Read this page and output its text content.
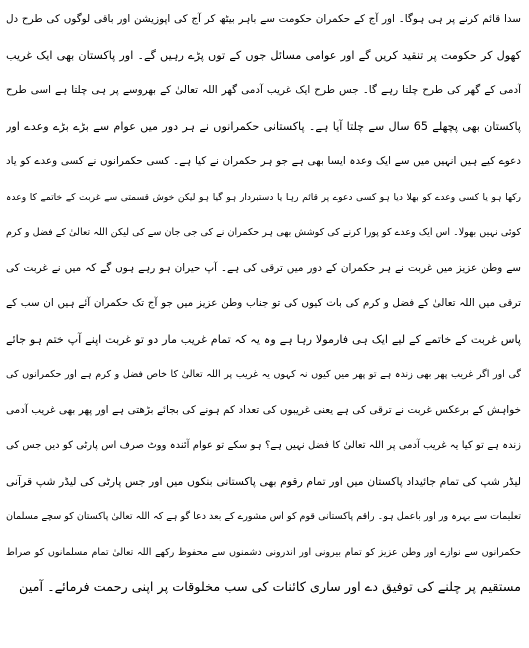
سدا قائم کرنے پر ہی ہوگا۔ اور آج کے حکمران حکومت سے باہر بیٹھ کر آج کی اپوزیشن اور باقی لوگوں کی طرح دل
کھول کر حکومت پر تنقید کریں گے اور عوامی مسائل جوں کے توں پڑے رہیں گے۔ اور پاکستان بھی ایک غریب
آدمی کے گھر کی طرح چلتا رہے گا۔ جس طرح ایک غریب آدمی گھر اللہ تعالیٰ کے بھروسے پر ہی چلتا ہے اسی طرح
پاکستان بھی پچھلے 65 سال سے چلتا آیا ہے۔ پاکستانی حکمرانوں نے ہر دور میں عوام سے بڑے بڑے وعدے اور
دعوے کیے ہیں انہیں میں سے ایک وعدہ ایسا بھی ہے جو ہر حکمران نے کیا ہے۔ کسی حکمرانوں نے کسی وعدے کو یاد
رکھا ہو یا کسی وعدے کو بھلا دیا ہو کسی دعوے پر قائم رہا یا دستبردار ہو گیا ہو لیکن خوش قسمتی سے غربت کے خاتمے کا وعدہ
کوئی نہیں بھولا۔ اس ایک وعدے کو پورا کرنے کی کوشش بھی ہر حکمران نے کی جی جان سے کی لیکن اللہ تعالیٰ کے فضل و کرم
سے وطن عزیز میں غربت نے ہر حکمران کے دور میں ترقی کی ہے۔ آپ حیران ہو رہے ہوں گے کہ میں نے غربت کی
ترقی میں اللہ تعالیٰ کے فضل و کرم کی بات کیوں کی تو جناب وطن عزیز میں جو آج تک حکمران آئے ہیں ان سب کے
پاس غربت کے خاتمے کے لیے ایک ہی فارمولا رہا ہے وہ یہ کہ تمام غریب مار دو تو غربت اپنے آپ ختم ہو جائے
گی اور اگر غریب پھر بھی زندہ ہے تو پھر میں کیوں نہ کہوں یہ غریب پر اللہ تعالیٰ کا خاص فضل و کرم ہے اور حکمرانوں کی
خواہش کے برعکس غربت نے ترقی کی ہے یعنی غریبوں کی تعداد کم ہونے کی بجائے بڑھتی ہے اور پھر بھی غریب آدمی
زندہ ہے تو کیا یہ غریب آدمی پر اللہ تعالیٰ کا فضل نہیں ہے؟ ہو سکے تو عوام آئندہ ووٹ صرف اس پارٹی کو دیں جس کی
لیڈر شپ کی تمام جائیداد پاکستان میں اور تمام رقوم بھی پاکستانی بنکوں میں اور جس پارٹی کی لیڈر شپ قرآنی
تعلیمات سے بہرہ ور اور باعمل ہو۔ راقم پاکستانی قوم کو اس مشورے کے بعد دعا گو ہے کہ اللہ تعالیٰ پاکستان کو سچے مسلمان
حکمرانوں سے نوازے اور وطن عزیز کو تمام بیرونی اور اندرونی دشمنوں سے محفوظ رکھے اللہ تعالیٰ تمام مسلمانوں کو صراط
مستقیم پر چلنے کی توفیق دے اور ساری کائنات کی سب مخلوقات پر اپنی رحمت فرمائے۔ آمین
